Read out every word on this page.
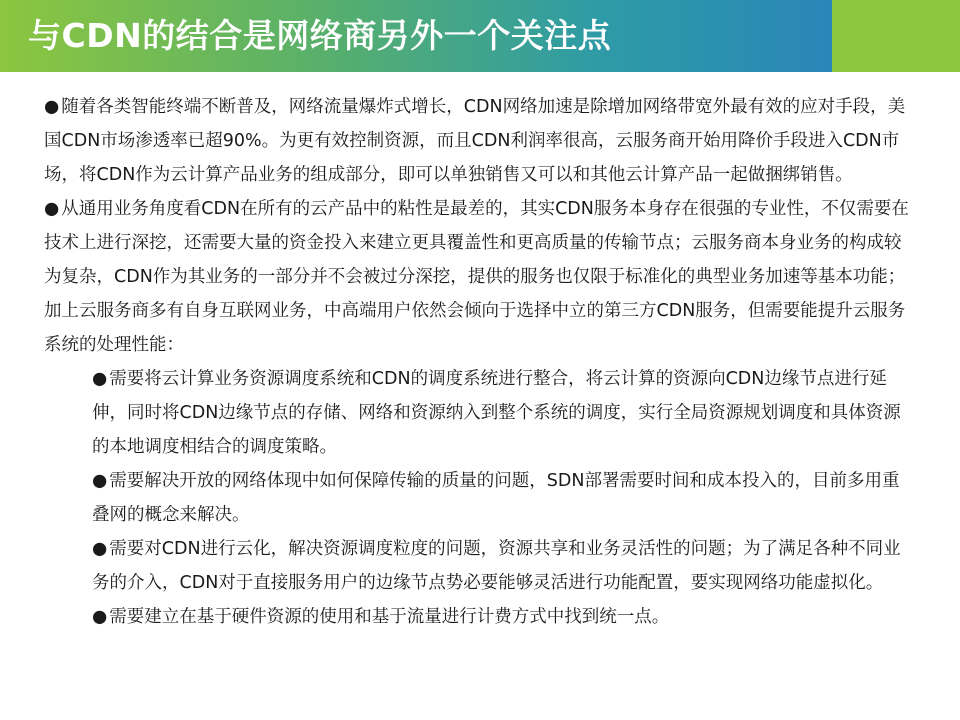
与CDN的结合是网络商另外一个关注点

● 随着各类智能终端不断普及，网络流量爆炸式增长，CDN网络加速是除增加网络带宽外最有效的应对手段，美国CDN市场渗透率已超90%。为更有效控制资源，而且CDN利润率很高，云服务商开始用降价手段进入CDN市场，将CDN作为云计算产品业务的组成部分，即可以单独销售又可以和其他云计算产品一起做捆绑销售。

● 从通用业务角度看CDN在所有的云产品中的粘性是最差的，其实CDN服务本身存在很强的专业性，不仅需要在技术上进行深挖，还需要大量的资金投入来建立更具覆盖性和更高质量的传输节点；云服务商本身业务的构成较为复杂，CDN作为其业务的一部分并不会被过分深挖，提供的服务也仅限于标准化的典型业务加速等基本功能；加上云服务商多有自身互联网业务，中高端用户依然会倾向于选择中立的第三方CDN服务，但需要能提升云服务系统的处理性能：

● 需要将云计算业务资源调度系统和CDN的调度系统进行整合，将云计算的资源向CDN边缘节点进行延伸，同时将CDN边缘节点的存储、网络和资源纳入到整个系统的调度，实行全局资源规划调度和具体资源的本地调度相结合的调度策略。

● 需要解决开放的网络体现中如何保障传输的质量的问题，SDN部署需要时间和成本投入的，目前多用重叠网的概念来解决。

● 需要对CDN进行云化，解决资源调度粒度的问题，资源共享和业务灵活性的问题；为了满足各种不同业务的介入，CDN对于直接服务用户的边缘节点势必要能够灵活进行功能配置，要实现网络功能虚拟化。

● 需要建立在基于硬件资源的使用和基于流量进行计费方式中找到统一点。
